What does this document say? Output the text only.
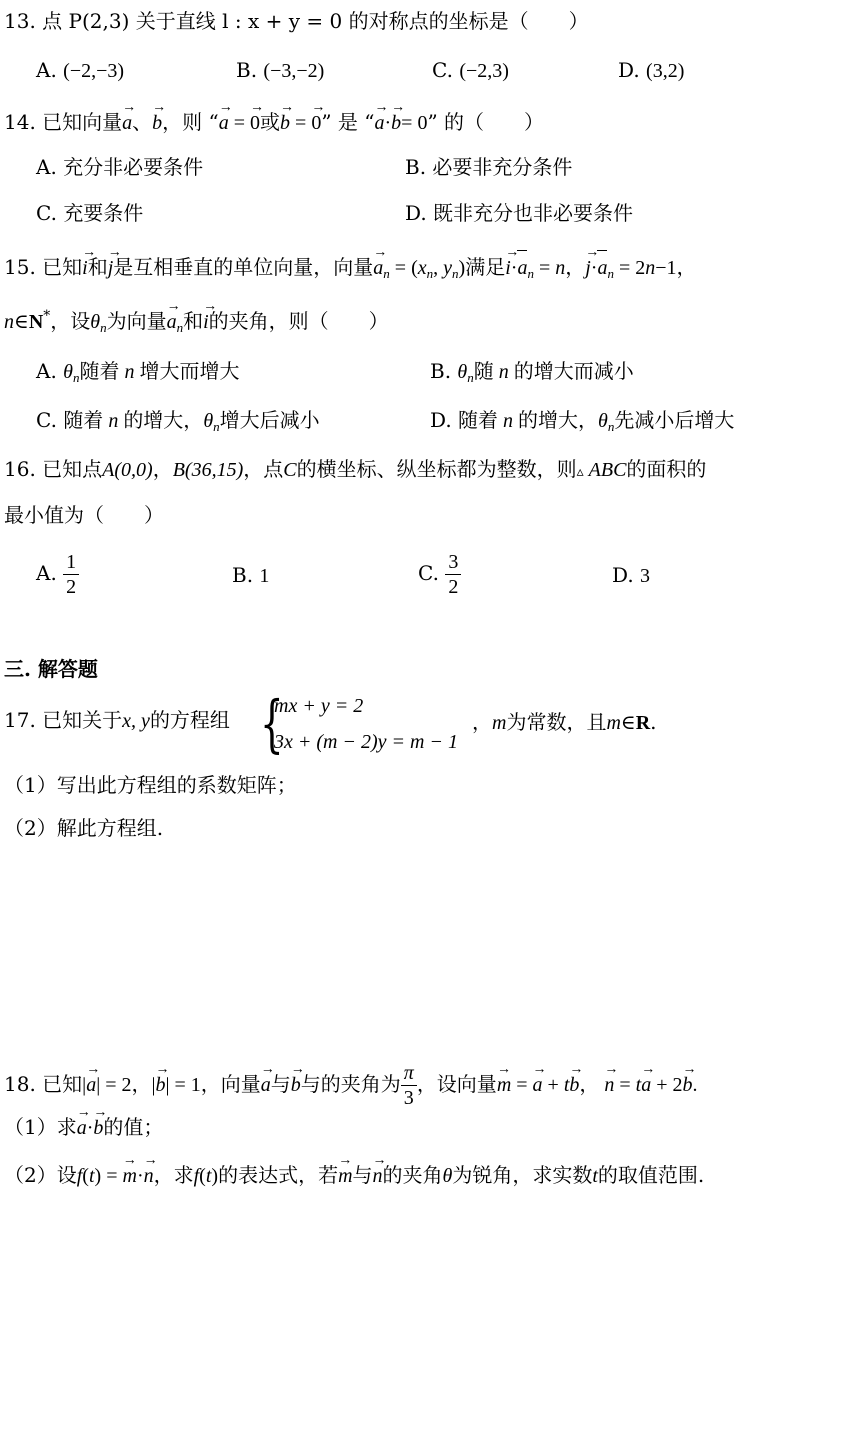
13. 点 P(2,3) 关于直线 l : x + y = 0 的对称点的坐标是（　　）
A. (−2,−3)	B. (−3,−2)	C. (−2,3)	D. (3,2)
14. 已知向量→ a、→ b，则 “→ a = → 0或→ b = → 0” 是 “→ a·→ b= 0” 的（　　）
A. 充分非必要条件	B. 必要非充分条件
C. 充要条件	D. 既非充分也非必要条件
15. 已知→ i和→ j是互相垂直的单位向量，向量→ $a_n = (x_n$, $y_n$)满足→ $i\cdot a_n = n$，→ $j\cdot a_n = 2n-1$，
n∈N*，设$\theta_n$为向量→ $a_n$和→ i的夹角，则（　　）
A. $\theta_n$随着 n 增大而增大	B. $\theta_n$随 n 的增大而减小
C. 随着 n 的增大，$\theta_n$增大后减小	D. 随着 n 的增大，$\theta_n$先减小后增大
16. 已知点A(0,0)，B(36,15)，点C的横坐标、纵坐标都为整数，则▵ ABC的面积的
最小值为（　　）
A. $\frac{1}{2}$	B. 1	C. $\frac{3}{2}$	D. 3
三. 解答题
17. 已知关于x, y的方程组 {
mx + y = 2
3x + (m − 2)y = m − 1
，m为常数，且m∈R.
（1）写出此方程组的系数矩阵；
（2）解此方程组.
18. 已知|→ a| = 2，|→ b| = 1，向量→ a与→ b与的夹角为 $\frac{\pi}{3}$ ，设向量→ m = → a + t→ b， → n = t→ a + 2→ b.
（1）求→ a·→ b的值；
（2）设f(t) = → m·→ n，求f(t)的表达式，若→ m与→ n的夹角θ为锐角，求实数t的取值范围.
